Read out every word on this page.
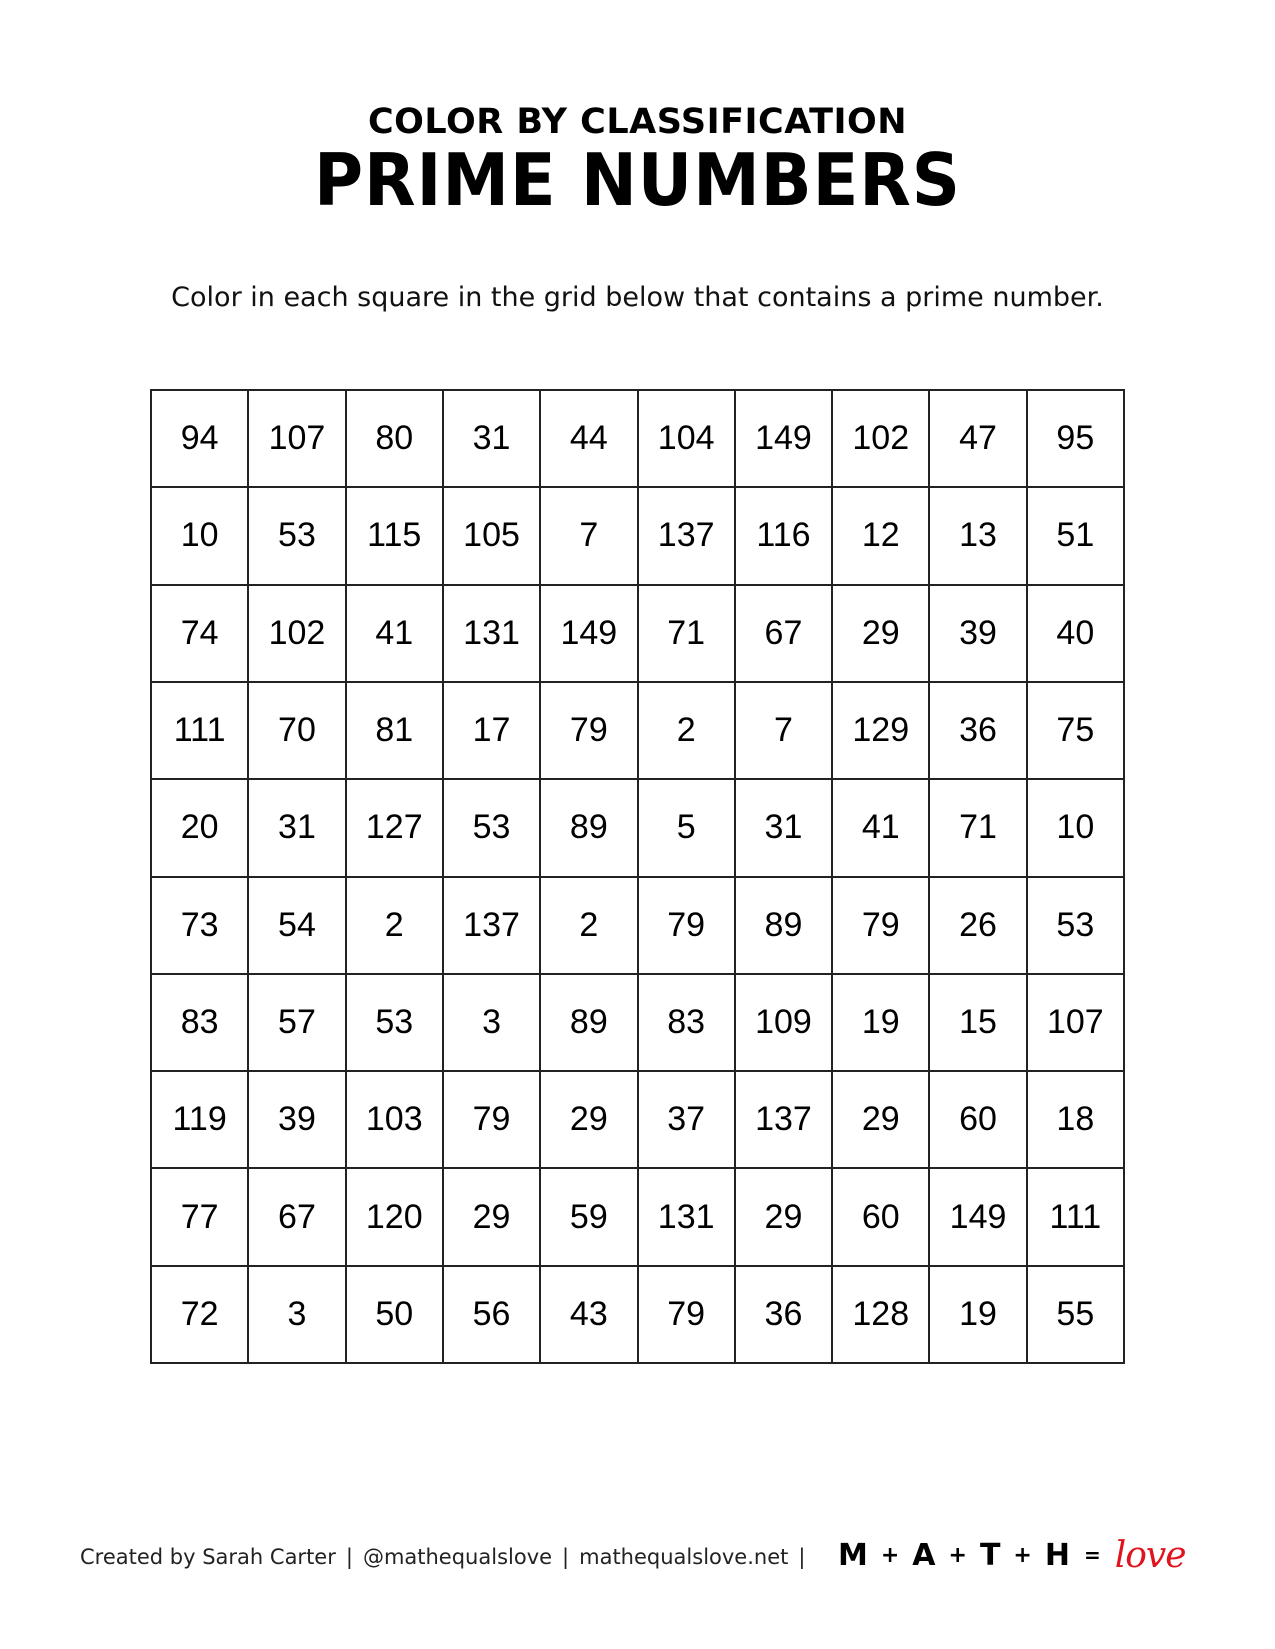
COLOR BY CLASSIFICATION
PRIME NUMBERS
Color in each square in the grid below that contains a prime number.
94	107	80	31	44	104	149	102	47	95
10	53	115	105	7	137	116	12	13	51
74	102	41	131	149	71	67	29	39	40
111	70	81	17	79	2	7	129	36	75
20	31	127	53	89	5	31	41	71	10
73	54	2	137	2	79	89	79	26	53
83	57	53	3	89	83	109	19	15	107
119	39	103	79	29	37	137	29	60	18
77	67	120	29	59	131	29	60	149	111
72	3	50	56	43	79	36	128	19	55
Created by Sarah Carter | @mathequalslove | mathequalslove.net | M + A + T + H = love
